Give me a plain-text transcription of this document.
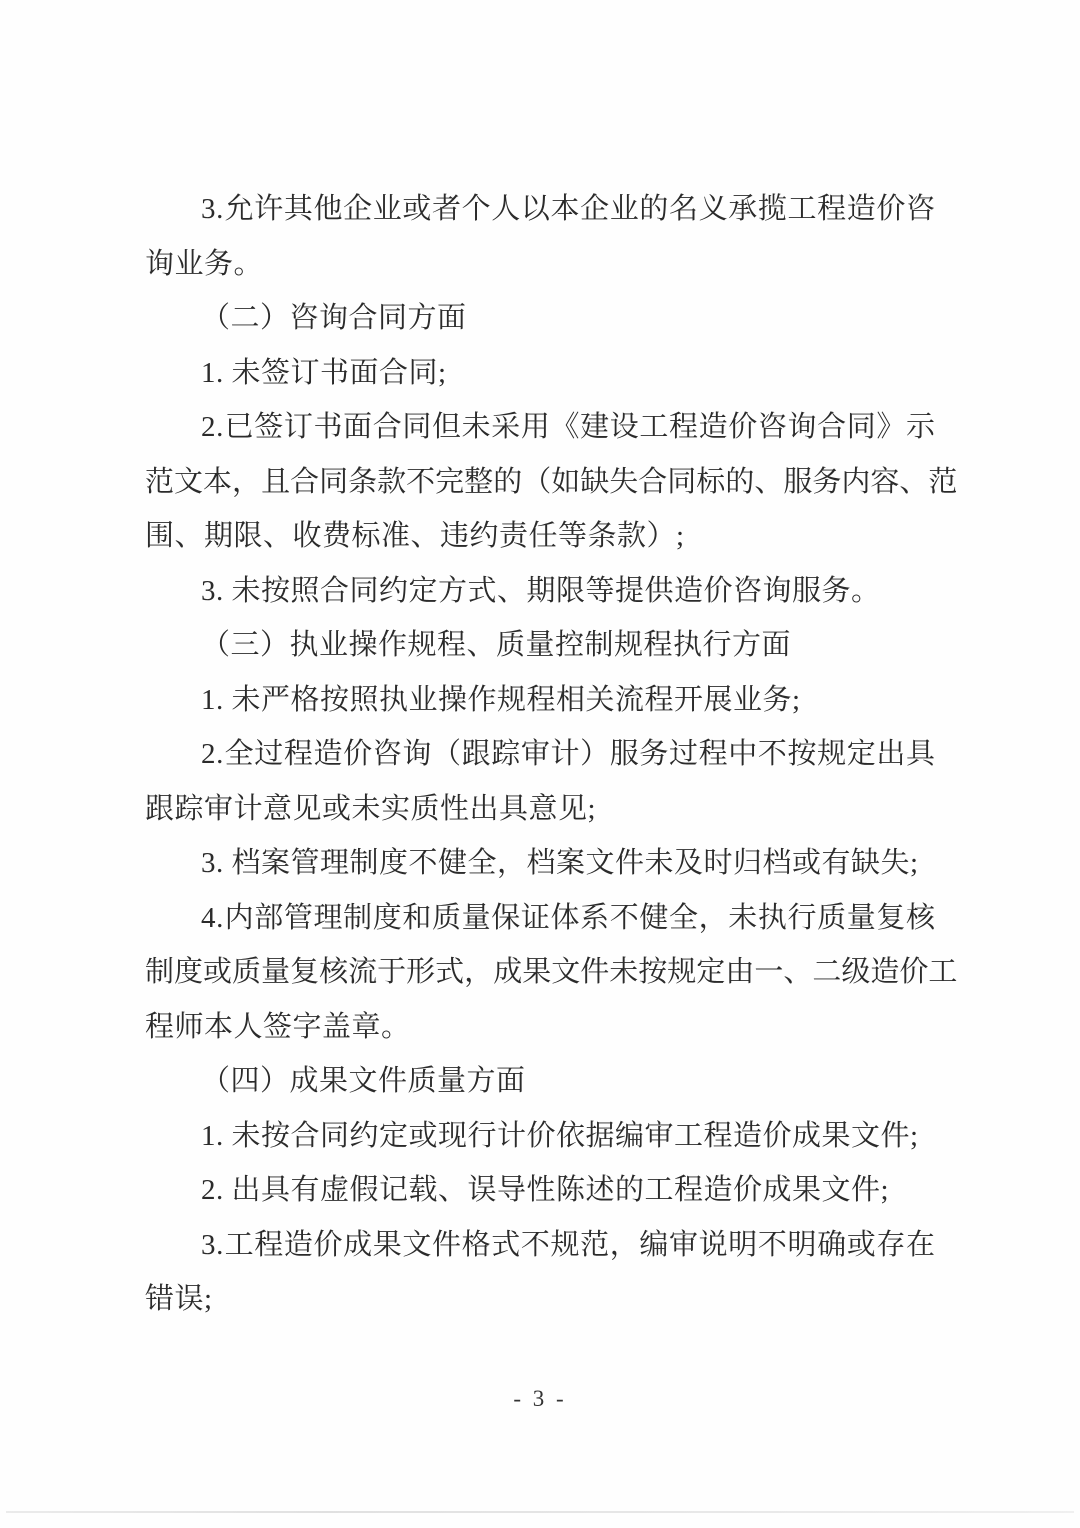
3 . 允 许 其 他 企 业 或 者 个 人 以 本 企 业 的 名 义 承 揽 工 程 造 价 咨
询业务。
（二）咨询合同方面
1. 未签订书面合同;
2 . 已 签 订 书 面 合 同 但 未 采 用 《 建 设 工 程 造 价 咨 询 合 同 》 示
范 文 本 ， 且 合 同 条 款 不 完 整 的 （ 如 缺 失 合 同 标 的 、 服 务 内 容 、 范
围、期限、收费标准、违约责任等条款）;
3. 未按照合同约定方式、期限等提供造价咨询服务。
（三）执业操作规程、质量控制规程执行方面
1. 未严格按照执业操作规程相关流程开展业务;
2 . 全 过 程 造 价 咨 询 （ 跟 踪 审 计 ） 服 务 过 程 中 不 按 规 定 出 具
跟踪审计意见或未实质性出具意见;
3. 档案管理制度不健全，档案文件未及时归档或有缺失;
4 . 内 部 管 理 制 度 和 质 量 保 证 体 系 不 健 全 ， 未 执 行 质 量 复 核
制 度 或 质 量 复 核 流 于 形 式 ， 成 果 文 件 未 按 规 定 由 一 、 二 级 造 价 工
程师本人签字盖章。
（四）成果文件质量方面
1. 未按合同约定或现行计价依据编审工程造价成果文件;
2. 出具有虚假记载、误导性陈述的工程造价成果文件;
3 . 工 程 造 价 成 果 文 件 格 式 不 规 范 ， 编 审 说 明 不 明 确 或 存 在
错误;
- 3 -
